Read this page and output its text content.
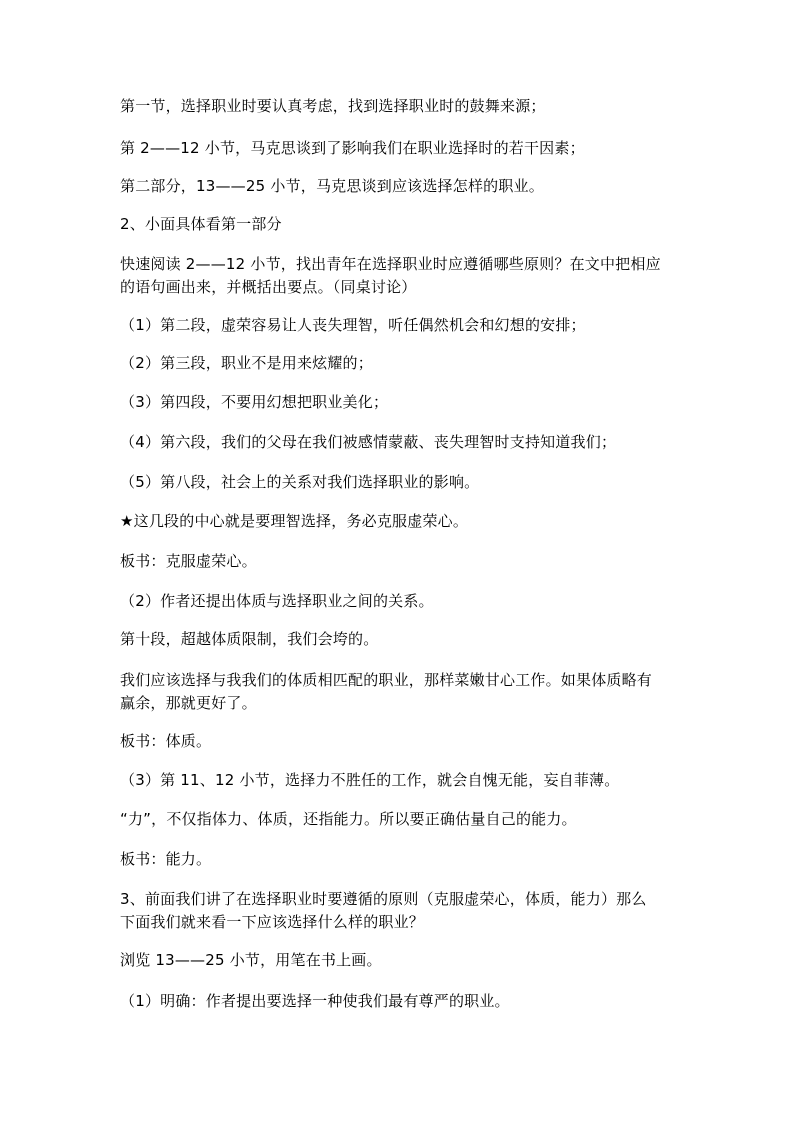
第一节，选择职业时要认真考虑，找到选择职业时的鼓舞来源；
第 2——12 小节，马克思谈到了影响我们在职业选择时的若干因素；
第二部分，13——25 小节，马克思谈到应该选择怎样的职业。
2、小面具体看第一部分
快速阅读 2——12 小节，找出青年在选择职业时应遵循哪些原则？在文中把相应
的语句画出来，并概括出要点。（同桌讨论）
（1）第二段，虚荣容易让人丧失理智，听任偶然机会和幻想的安排；
（2）第三段，职业不是用来炫耀的；
（3）第四段，不要用幻想把职业美化；
（4）第六段，我们的父母在我们被感情蒙蔽、丧失理智时支持知道我们；
（5）第八段，社会上的关系对我们选择职业的影响。
★这几段的中心就是要理智选择，务必克服虚荣心。
板书：克服虚荣心。
（2）作者还提出体质与选择职业之间的关系。
第十段，超越体质限制，我们会垮的。
我们应该选择与我我们的体质相匹配的职业，那样菜嫩甘心工作。如果体质略有
赢余，那就更好了。
板书：体质。
（3）第 11、12 小节，选择力不胜任的工作，就会自愧无能，妄自菲薄。
“力”，不仅指体力、体质，还指能力。所以要正确估量自己的能力。
板书：能力。
3、前面我们讲了在选择职业时要遵循的原则（克服虚荣心，体质，能力）那么
下面我们就来看一下应该选择什么样的职业？
浏览 13——25 小节，用笔在书上画。
（1）明确：作者提出要选择一种使我们最有尊严的职业。
